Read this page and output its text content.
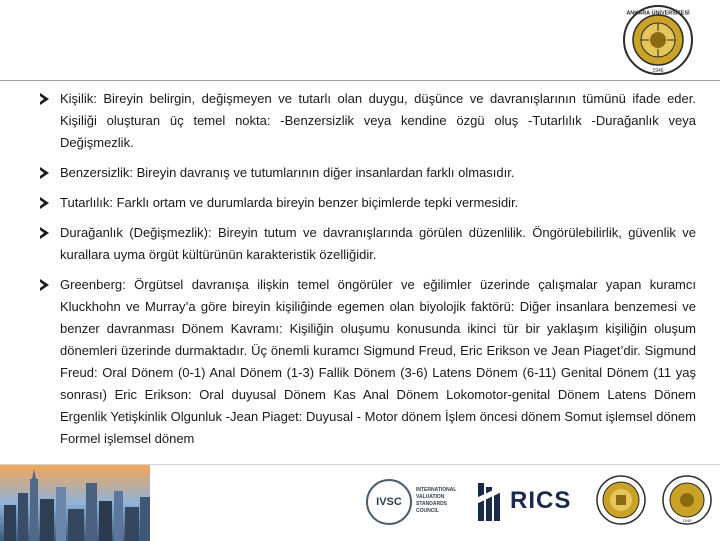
ANKARA ÜNİVERSİTESİ
1946
Kişilik: Bireyin belirgin, değişmeyen ve tutarlı olan duygu, düşünce ve davranışlarının tümünü ifade eder. Kişiliği oluşturan üç temel nokta: -Benzersizlik veya kendine özgü oluş -Tutarlılık -Durağanlık veya Değişmezlik.
Benzersizlik: Bireyin davranış ve tutumlarının diğer insanlardan farklı olmasıdır.
Tutarlılık: Farklı ortam ve durumlarda bireyin benzer biçimlerde tepki vermesidir.
Durağanlık (Değişmezlik): Bireyin tutum ve davranışlarında görülen düzenlilik. Öngörülebilirlik, güvenlik ve kurallara uyma örgüt kültürünün karakteristik özelliğidir.
Greenberg: Örgütsel davranışa ilişkin temel öngörüler ve eğilimler üzerinde çalışmalar yapan kuramcı Kluckhohn ve Murray’a göre bireyin kişiliğinde egemen olan biyolojik faktörü: Diğer insanlara benzemesi ve benzer davranması Dönem Kavramı: Kişiliğin oluşumu konusunda ikinci tür bir yaklaşım kişiliğin oluşum dönemleri üzerinde durmaktadır. Üç önemli kuramcı Sigmund Freud, Eric Erikson ve Jean Piaget’dir. Sigmund Freud: Oral Dönem (0-1) Anal Dönem (1-3) Fallik Dönem (3-6) Latens Dönem (6-11) Genital Dönem (11 yaş sonrası) Eric Erikson: Oral duyusal Dönem Kas Anal Dönem Lokomotor-genital Dönem Latens Dönem Ergenlik Yetişkinlik Olgunluk -Jean Piaget: Duyusal - Motor dönem İşlem öncesi dönem Somut işlemsel dönem Formel işlemsel dönem
IVSC
INTERNATIONAL
VALUATION
STANDARDS
COUNCIL	RICS
1946
